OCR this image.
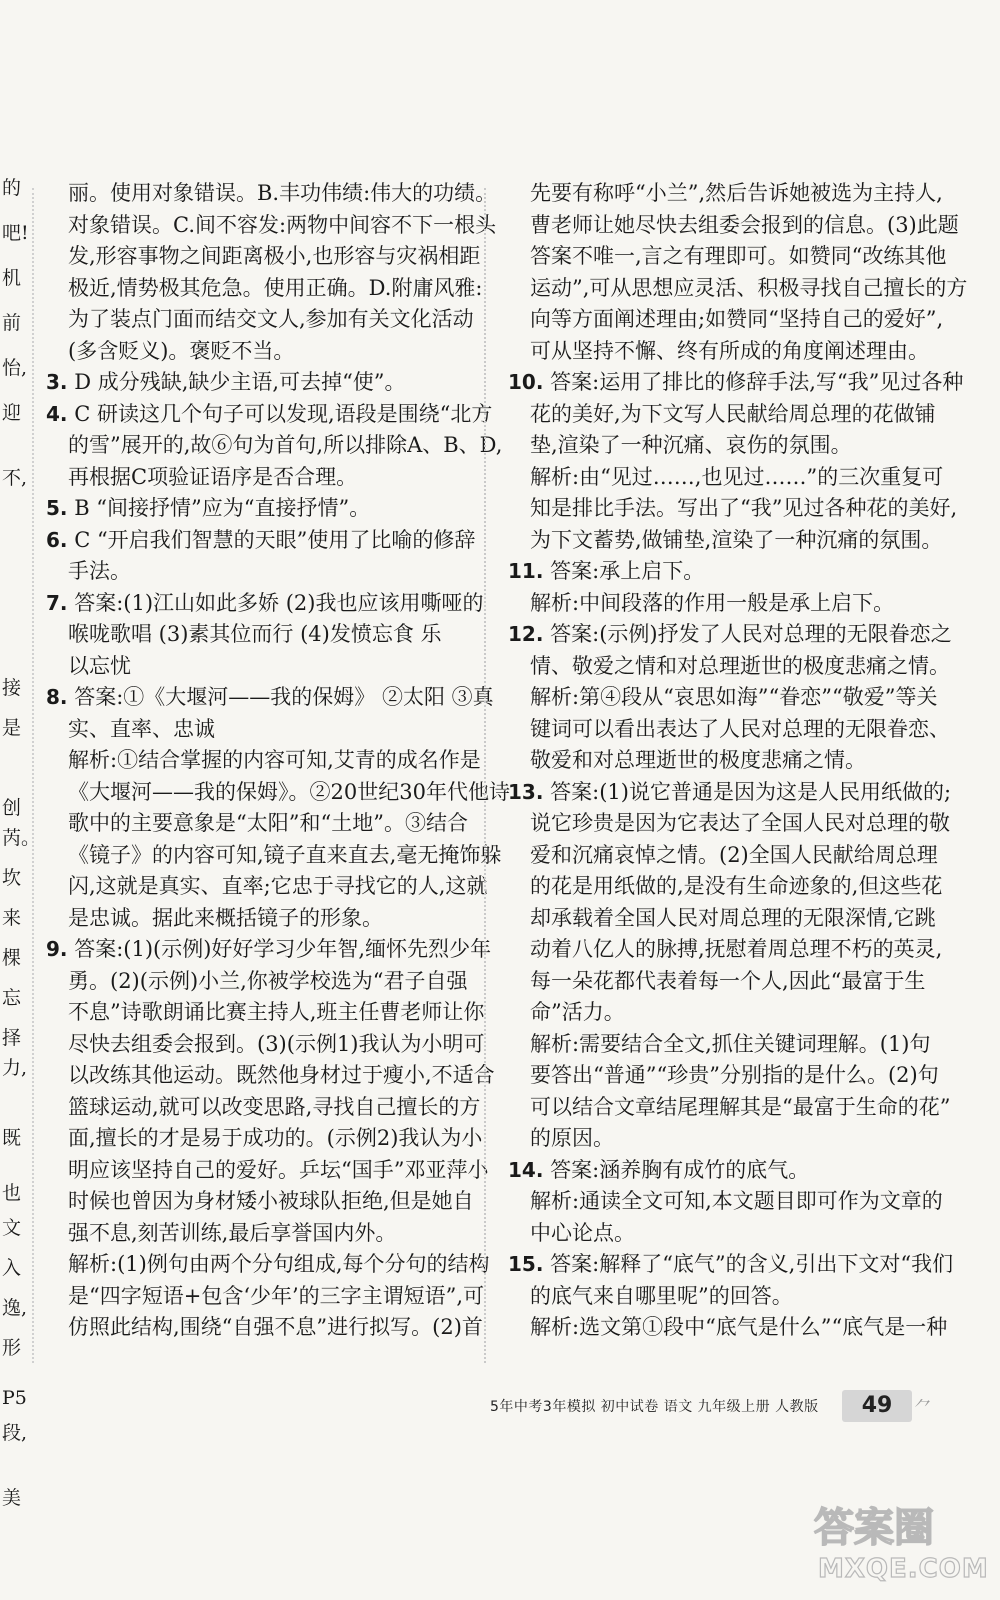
的
吧!
机
前
怡,
迎
不,
接
是
创
芮。
坎
来
棵
忘
择
力,
既
也
文
入
逸,
形
P5
段,
美
丽。使用对象错误。B.丰功伟绩:伟大的功绩。
对象错误。C.间不容发:两物中间容不下一根头
发,形容事物之间距离极小,也形容与灾祸相距
极近,情势极其危急。使用正确。D.附庸风雅:
为了装点门面而结交文人,参加有关文化活动
(多含贬义)。褒贬不当。
3. D 成分残缺,缺少主语,可去掉“使”。
4. C 研读这几个句子可以发现,语段是围绕“北方
的雪”展开的,故⑥句为首句,所以排除A、B、D,
再根据C项验证语序是否合理。
5. B “间接抒情”应为“直接抒情”。
6. C “开启我们智慧的天眼”使用了比喻的修辞
手法。
7. 答案:(1)江山如此多娇 (2)我也应该用嘶哑的
喉咙歌唱 (3)素其位而行 (4)发愤忘食 乐
以忘忧
8. 答案:①《大堰河——我的保姆》 ②太阳 ③真
实、直率、忠诚
解析:①结合掌握的内容可知,艾青的成名作是
《大堰河——我的保姆》。②20世纪30年代他诗
歌中的主要意象是“太阳”和“土地”。③结合
《镜子》的内容可知,镜子直来直去,毫无掩饰躲
闪,这就是真实、直率;它忠于寻找它的人,这就
是忠诚。据此来概括镜子的形象。
9. 答案:(1)(示例)好好学习少年智,缅怀先烈少年
勇。(2)(示例)小兰,你被学校选为“君子自强
不息”诗歌朗诵比赛主持人,班主任曹老师让你
尽快去组委会报到。(3)(示例1)我认为小明可
以改练其他运动。既然他身材过于瘦小,不适合
篮球运动,就可以改变思路,寻找自己擅长的方
面,擅长的才是易于成功的。(示例2)我认为小
明应该坚持自己的爱好。乒坛“国手”邓亚萍小
时候也曾因为身材矮小被球队拒绝,但是她自
强不息,刻苦训练,最后享誉国内外。
解析:(1)例句由两个分句组成,每个分句的结构
是“四字短语+包含‘少年’的三字主谓短语”,可
仿照此结构,围绕“自强不息”进行拟写。(2)首
先要有称呼“小兰”,然后告诉她被选为主持人,
曹老师让她尽快去组委会报到的信息。(3)此题
答案不唯一,言之有理即可。如赞同“改练其他
运动”,可从思想应灵活、积极寻找自己擅长的方
向等方面阐述理由;如赞同“坚持自己的爱好”,
可从坚持不懈、终有所成的角度阐述理由。
10. 答案:运用了排比的修辞手法,写“我”见过各种
花的美好,为下文写人民献给周总理的花做铺
垫,渲染了一种沉痛、哀伤的氛围。
解析:由“见过……,也见过……”的三次重复可
知是排比手法。写出了“我”见过各种花的美好,
为下文蓄势,做铺垫,渲染了一种沉痛的氛围。
11. 答案:承上启下。
解析:中间段落的作用一般是承上启下。
12. 答案:(示例)抒发了人民对总理的无限眷恋之
情、敬爱之情和对总理逝世的极度悲痛之情。
解析:第④段从“哀思如海”“眷恋”“敬爱”等关
键词可以看出表达了人民对总理的无限眷恋、
敬爱和对总理逝世的极度悲痛之情。
13. 答案:(1)说它普通是因为这是人民用纸做的;
说它珍贵是因为它表达了全国人民对总理的敬
爱和沉痛哀悼之情。(2)全国人民献给周总理
的花是用纸做的,是没有生命迹象的,但这些花
却承载着全国人民对周总理的无限深情,它跳
动着八亿人的脉搏,抚慰着周总理不朽的英灵,
每一朵花都代表着每一个人,因此“最富于生
命”活力。
解析:需要结合全文,抓住关键词理解。(1)句
要答出“普通”“珍贵”分别指的是什么。(2)句
可以结合文章结尾理解其是“最富于生命的花”
的原因。
14. 答案:涵养胸有成竹的底气。
解析:通读全文可知,本文题目即可作为文章的
中心论点。
15. 答案:解释了“底气”的含义,引出下文对“我们
的底气来自哪里呢”的回答。
解析:选文第①段中“底气是什么”“底气是一种
5年中考3年模拟 初中试卷 语文 九年级上册 人教版	49	⺈
答案圈
MXQE.COM
